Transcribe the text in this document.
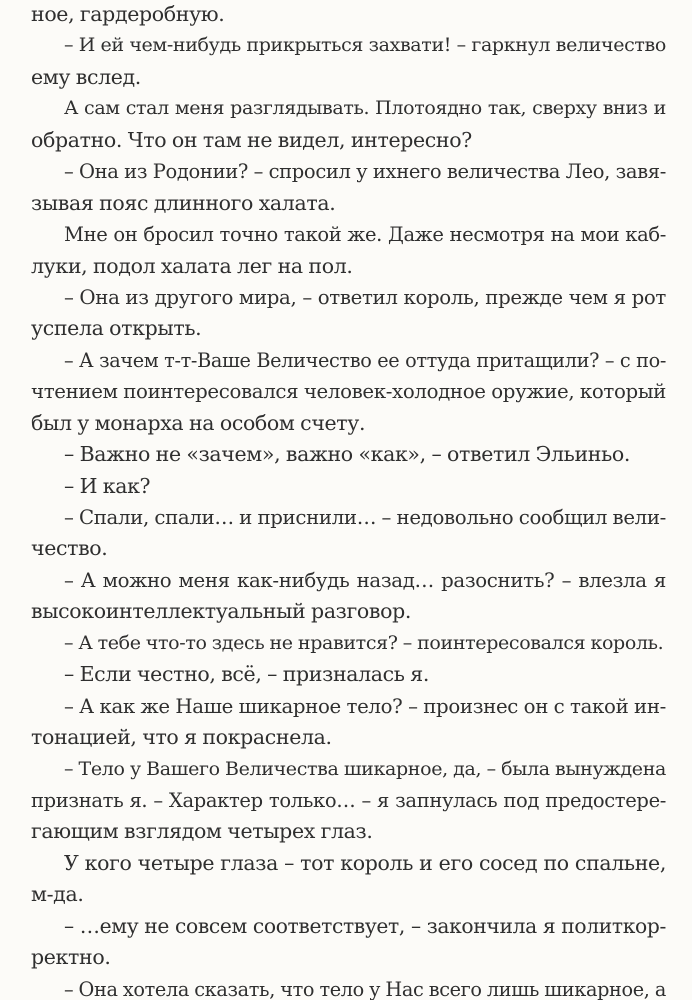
ное, гардеробную.
– И ей чем-нибудь прикрыться захвати! – гаркнул величество
ему вслед.
А сам стал меня разглядывать. Плотоядно так, сверху вниз и
обратно. Что он там не видел, интересно?
– Она из Родонии? – спросил у ихнего величества Лео, завя-
зывая пояс длинного халата.
Мне он бросил точно такой же. Даже несмотря на мои каб-
луки, подол халата лег на пол.
– Она из другого мира, – ответил король, прежде чем я рот
успела открыть.
– А зачем т-т-Ваше Величество ее оттуда притащили? – с по-
чтением поинтересовался человек-холодное оружие, который
был у монарха на особом счету.
– Важно не «зачем», важно «как», – ответил Эльиньо.
– И как?
– Спали, спали… и приснили… – недовольно сообщил вели-
чество.
– А можно меня как-нибудь назад… разоснить? – влезла я
высокоинтеллектуальный разговор.
– А тебе что-то здесь не нравится? – поинтересовался король.
– Если честно, всё, – призналась я.
– А как же Наше шикарное тело? – произнес он с такой ин-
тонацией, что я покраснела.
– Тело у Вашего Величества шикарное, да, – была вынуждена
признать я. – Характер только… – я запнулась под предостере-
гающим взглядом четырех глаз.
У кого четыре глаза – тот король и его сосед по спальне,
м-да.
– …ему не совсем соответствует, – закончила я политкор-
ректно.
– Она хотела сказать, что тело у Нас всего лишь шикарное, а
